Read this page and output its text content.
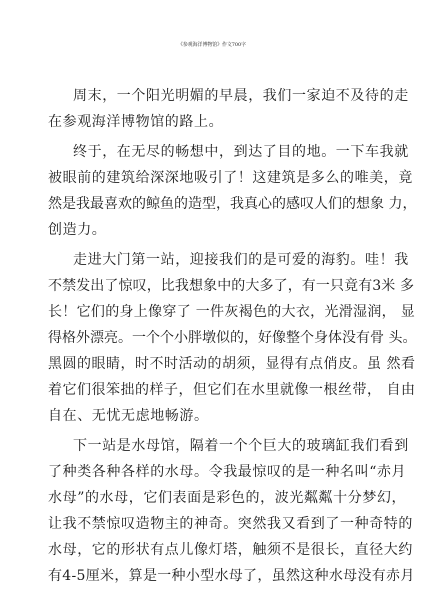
《参观海洋博物馆》作文700字
周末，一个阳光明媚的早晨，我们一家迫不及待的走
在参观海洋博物馆的路上。
终于，在无尽的畅想中，到达了目的地。一下车我就
被眼前的建筑给深深地吸引了！这建筑是多么的唯美，竟
然是我最喜欢的鲸鱼的造型，我真心的感叹人们的想象 力，
创造力。
走进大门第一站，迎接我们的是可爱的海豹。哇！我
不禁发出了惊叹，比我想象中的大多了，有一只竟有3米 多
长！它们的身上像穿了 一件灰褐色的大衣，光滑湿润， 显
得格外漂亮。一个个小胖墩似的，好像整个身体没有骨 头。
黑圆的眼睛，时不时活动的胡须，显得有点俏皮。虽 然看
着它们很笨拙的样子，但它们在水里就像一根丝带， 自由
自在、无忧无虑地畅游。
下一站是水母馆，隔着一个个巨大的玻璃缸我们看到
了种类各种各样的水母。令我最惊叹的是一种名叫“赤月
水母”的水母，它们表面是彩色的，波光粼粼十分梦幻，
让我不禁惊叹造物主的神奇。突然我又看到了一种奇特的
水母，它的形状有点儿像灯塔，触须不是很长，直径大约
有4-5厘米，算是一种小型水母了，虽然这种水母没有赤月
